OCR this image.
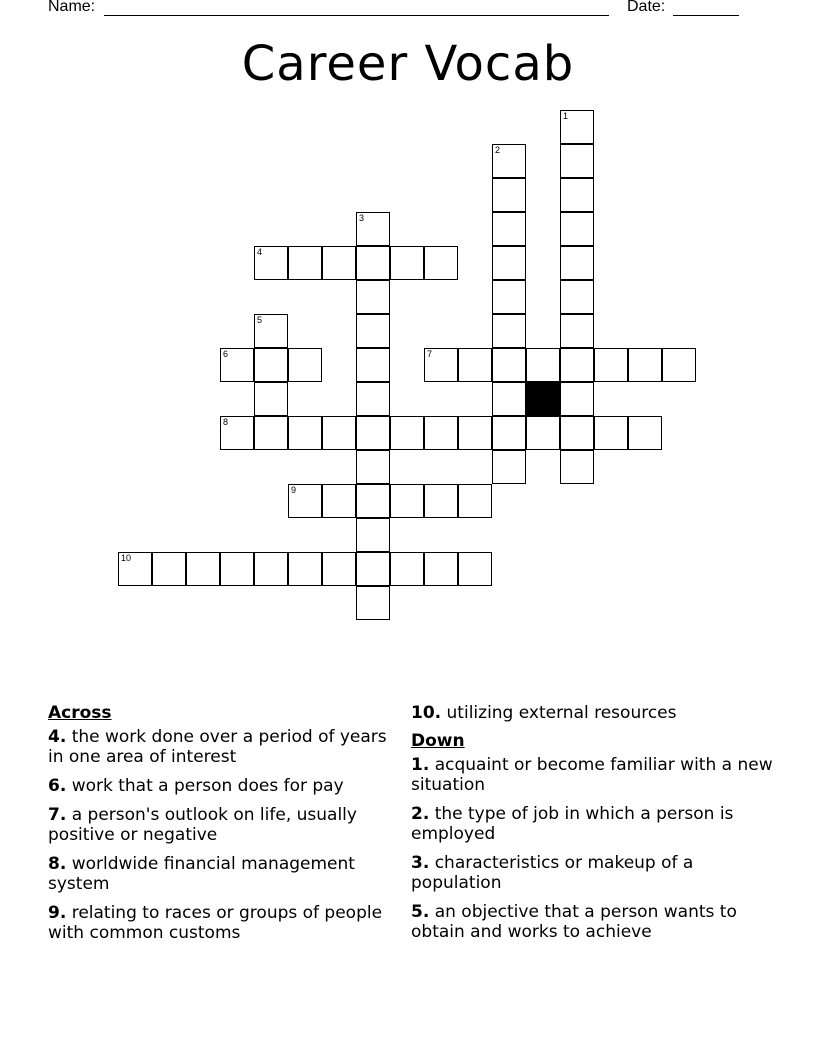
Name:	Date:
Career Vocab
1
2
3
4
5
6	7
8
9
10
Across
4. the work done over a period of years in one area of interest
6. work that a person does for pay
7. a person's outlook on life, usually positive or negative
8. worldwide financial management system
9. relating to races or groups of people with common customs
10. utilizing external resources
Down
1. acquaint or become familiar with a new situation
2. the type of job in which a person is employed
3. characteristics or makeup of a population
5. an objective that a person wants to obtain and works to achieve
